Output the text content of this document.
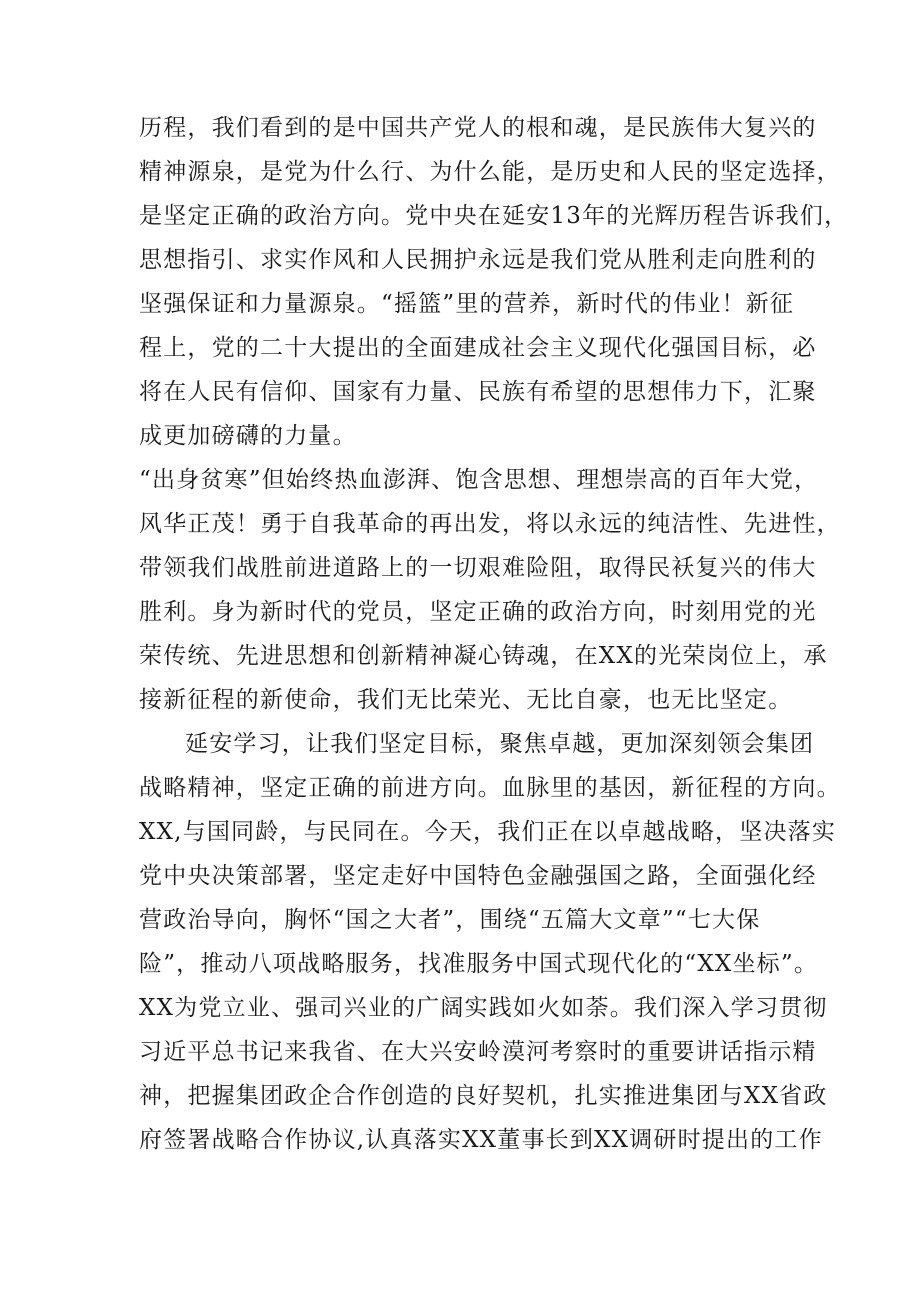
历程，我们看到的是中国共产党人的根和魂，是民族伟大复兴的
精神源泉，是党为什么行、为什么能，是历史和人民的坚定选择，
是坚定正确的政治方向。党中央在延安13年的光辉历程告诉我们，
思想指引、求实作风和人民拥护永远是我们党从胜利走向胜利的
坚强保证和力量源泉。“摇篮”里的营养，新时代的伟业！新征
程上，党的二十大提出的全面建成社会主义现代化强国目标，必
将在人民有信仰、国家有力量、民族有希望的思想伟力下，汇聚
成更加磅礴的力量。
“出身贫寒”但始终热血澎湃、饱含思想、理想崇高的百年大党，
风华正茂！勇于自我革命的再出发，将以永远的纯洁性、先进性，
带领我们战胜前进道路上的一切艰难险阻，取得民袄复兴的伟大
胜利。身为新时代的党员，坚定正确的政治方向，时刻用党的光
荣传统、先进思想和创新精神凝心铸魂，在XX的光荣岗位上，承
接新征程的新使命，我们无比荣光、无比自豪，也无比坚定。
延安学习，让我们坚定目标，聚焦卓越，更加深刻领会集团
战略精神，坚定正确的前进方向。血脉里的基因，新征程的方向。
XX,与国同龄，与民同在。今天，我们正在以卓越战略，坚决落实
党中央决策部署，坚定走好中国特色金融强国之路，全面强化经
营政治导向，胸怀“国之大者”，围绕“五篇大文章”“七大保
险”，推动八项战略服务，找准服务中国式现代化的“XX坐标”。
XX为党立业、强司兴业的广阔实践如火如荼。我们深入学习贯彻
习近平总书记来我省、在大兴安岭漠河考察时的重要讲话指示精
神，把握集团政企合作创造的良好契机，扎实推进集团与XX省政
府签署战略合作协议,认真落实XX董事长到XX调研时提出的工作
